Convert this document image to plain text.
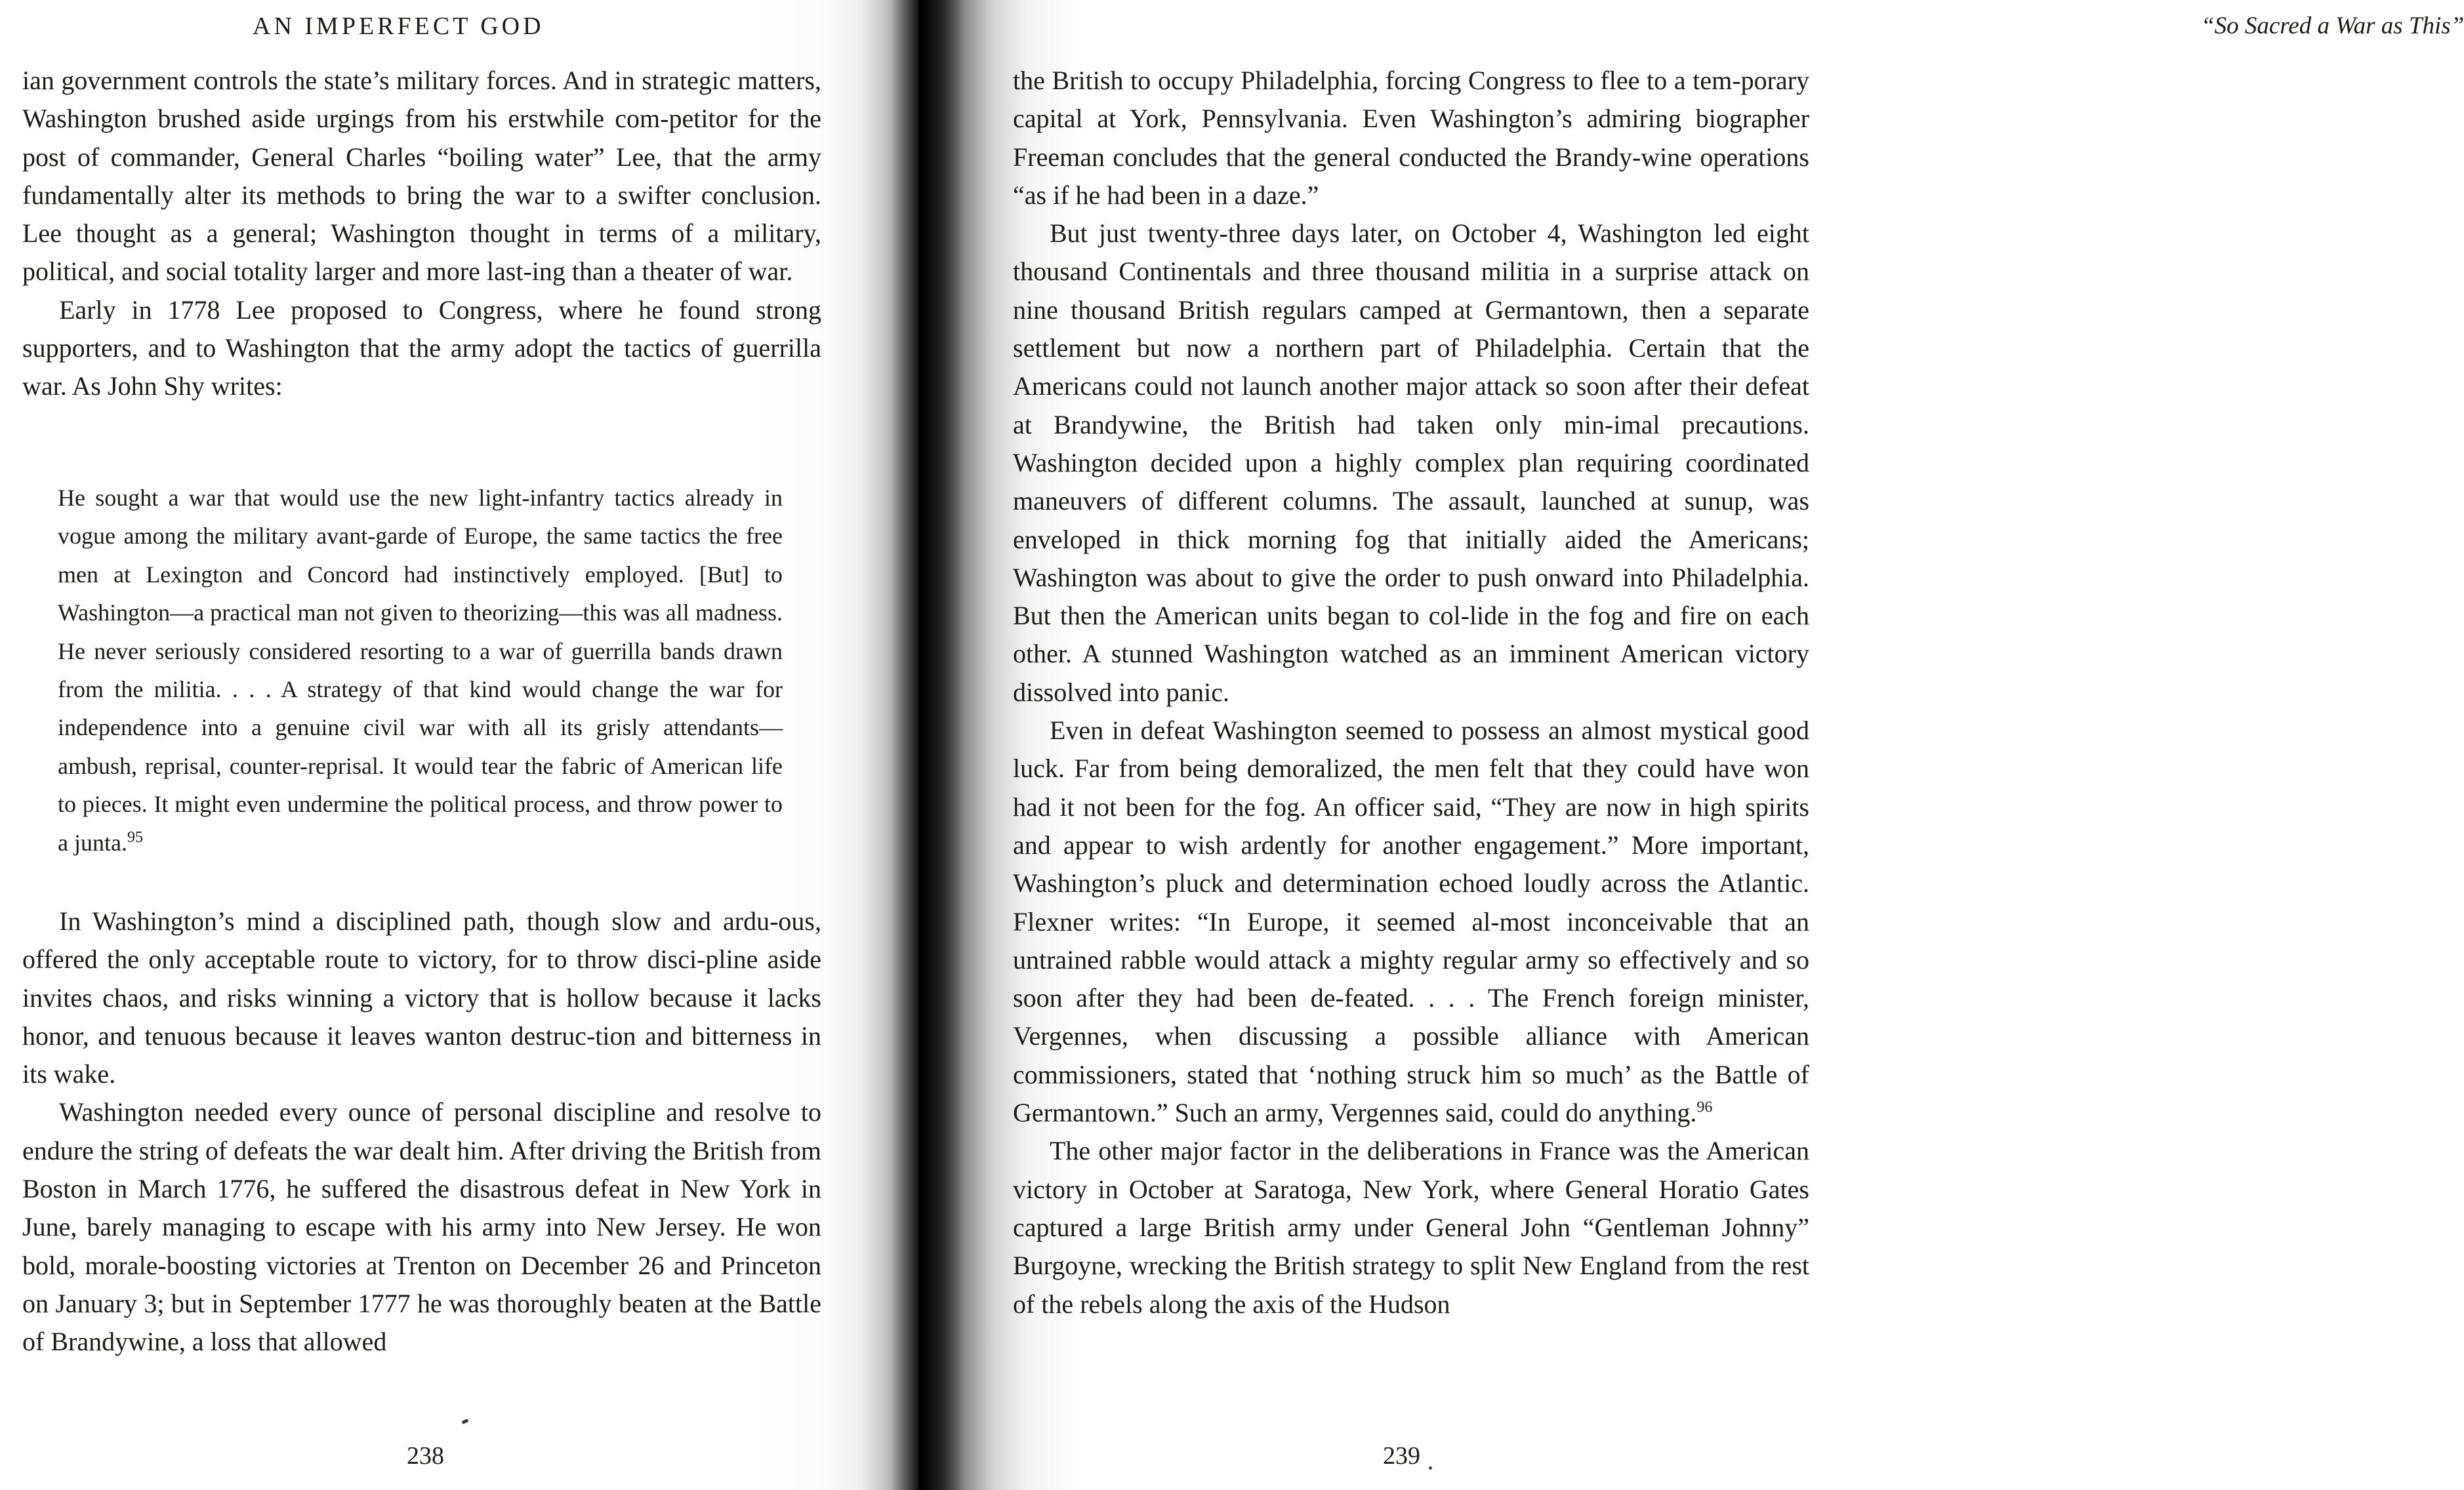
AN IMPERFECT GOD

ian government controls the state’s military forces. And in strategic matters, Washington brushed aside urgings from his erstwhile com-petitor for the post of commander, General Charles “boiling water” Lee, that the army fundamentally alter its methods to bring the war to a swifter conclusion. Lee thought as a general; Washington thought in terms of a military, political, and social totality larger and more last-ing than a theater of war.

Early in 1778 Lee proposed to Congress, where he found strong supporters, and to Washington that the army adopt the tactics of guerrilla war. As John Shy writes:

He sought a war that would use the new light-infantry tactics already in vogue among the military avant-garde of Europe, the same tactics the free men at Lexington and Concord had instinctively employed. [But] to Washington—a practical man not given to theorizing—this was all madness. He never seriously considered resorting to a war of guerrilla bands drawn from the militia. . . . A strategy of that kind would change the war for independence into a genuine civil war with all its grisly attendants—ambush, reprisal, counter-reprisal. It would tear the fabric of American life to pieces. It might even undermine the political process, and throw power to a junta.$^{95}$

In Washington’s mind a disciplined path, though slow and ardu-ous, offered the only acceptable route to victory, for to throw disci-pline aside invites chaos, and risks winning a victory that is hollow because it lacks honor, and tenuous because it leaves wanton destruc-tion and bitterness in its wake.

Washington needed every ounce of personal discipline and resolve to endure the string of defeats the war dealt him. After driving the British from Boston in March 1776, he suffered the disastrous defeat in New York in June, barely managing to escape with his army into New Jersey. He won bold, morale-boosting victories at Trenton on December 26 and Princeton on January 3; but in September 1777 he was thoroughly beaten at the Battle of Brandywine, a loss that allowed

238
“So Sacred a War as This”

the British to occupy Philadelphia, forcing Congress to flee to a tem-porary capital at York, Pennsylvania. Even Washington’s admiring biographer Freeman concludes that the general conducted the Brandy-wine operations “as if he had been in a daze.”

But just twenty-three days later, on October 4, Washington led eight thousand Continentals and three thousand militia in a surprise attack on nine thousand British regulars camped at Germantown, then a separate settlement but now a northern part of Philadelphia. Certain that the Americans could not launch another major attack so soon after their defeat at Brandywine, the British had taken only min-imal precautions. Washington decided upon a highly complex plan requiring coordinated maneuvers of different columns. The assault, launched at sunup, was enveloped in thick morning fog that initially aided the Americans; Washington was about to give the order to push onward into Philadelphia. But then the American units began to col-lide in the fog and fire on each other. A stunned Washington watched as an imminent American victory dissolved into panic.

Even in defeat Washington seemed to possess an almost mystical good luck. Far from being demoralized, the men felt that they could have won had it not been for the fog. An officer said, “They are now in high spirits and appear to wish ardently for another engagement.” More important, Washington’s pluck and determination echoed loudly across the Atlantic. Flexner writes: “In Europe, it seemed al-most inconceivable that an untrained rabble would attack a mighty regular army so effectively and so soon after they had been de-feated. . . . The French foreign minister, Vergennes, when discussing a possible alliance with American commissioners, stated that ‘nothing struck him so much’ as the Battle of Germantown.” Such an army, Vergennes said, could do anything.$^{96}$

The other major factor in the deliberations in France was the American victory in October at Saratoga, New York, where General Horatio Gates captured a large British army under General John “Gentleman Johnny” Burgoyne, wrecking the British strategy to split New England from the rest of the rebels along the axis of the Hudson

239
